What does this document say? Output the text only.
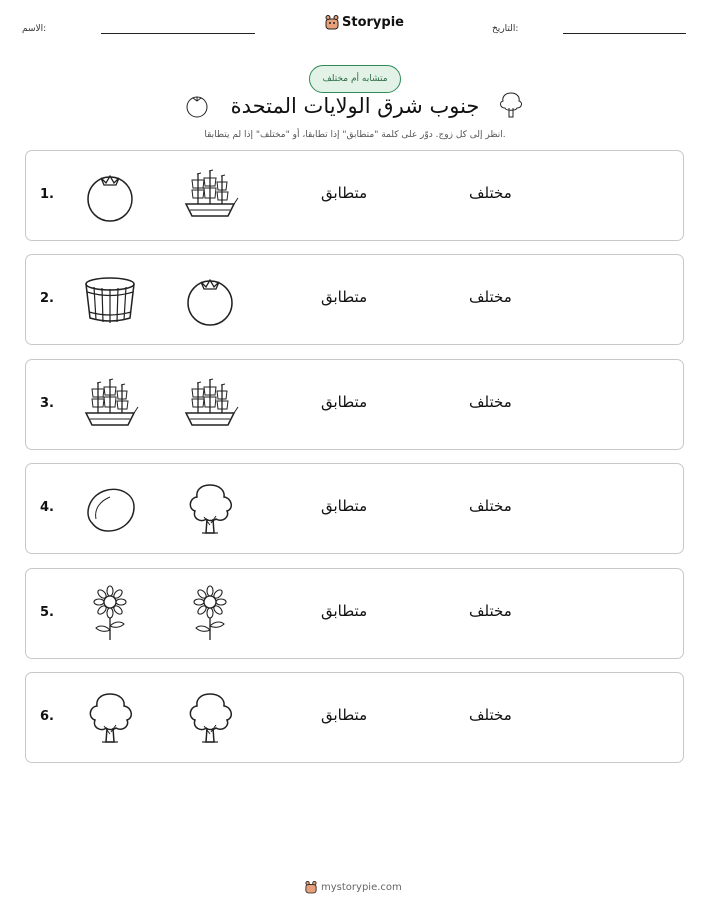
الاسم:	التاريخ:
Storypie
متشابه أم مختلف
جنوب شرق الولايات المتحدة
انظر إلى كل زوج. دوّر على كلمة "متطابق" إذا تطابقا، أو "مختلف" إذا لم يتطابقا.
1.	متطابق	مختلف
2.	متطابق	مختلف
3.	متطابق	مختلف
4.	متطابق	مختلف
5.	متطابق	مختلف
6.	متطابق	مختلف
mystorypie.com
